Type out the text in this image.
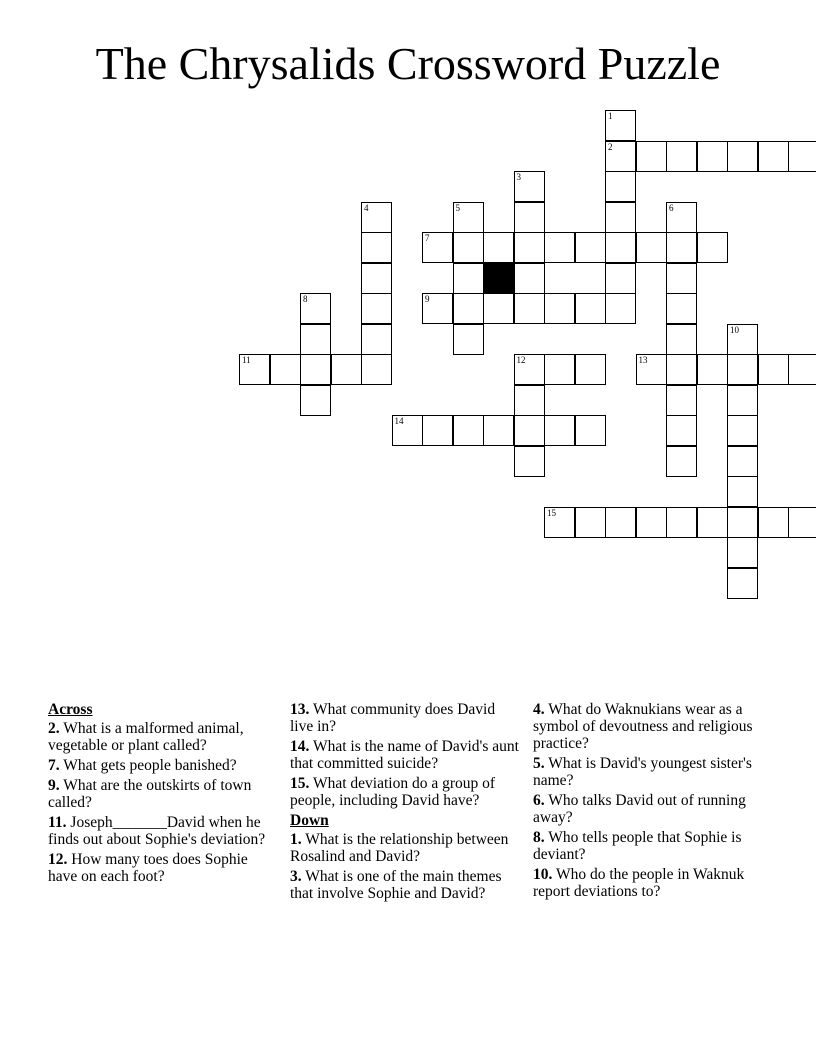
The Chrysalids Crossword Puzzle
1
2
3
4	5	6
7
8	9
10
11	12	13
14
15
Across
2. What is a malformed animal, vegetable or plant called?
7. What gets people banished?
9. What are the outskirts of town called?
11. Joseph_______David when he finds out about Sophie's deviation?
12. How many toes does Sophie have on each foot?
13. What community does David live in?
14. What is the name of David's aunt that committed suicide?
15. What deviation do a group of people, including David have?
Down
1. What is the relationship between Rosalind and David?
3. What is one of the main themes that involve Sophie and David?
4. What do Waknukians wear as a symbol of devoutness and religious practice?
5. What is David's youngest sister's name?
6. Who talks David out of running away?
8. Who tells people that Sophie is deviant?
10. Who do the people in Waknuk report deviations to?
